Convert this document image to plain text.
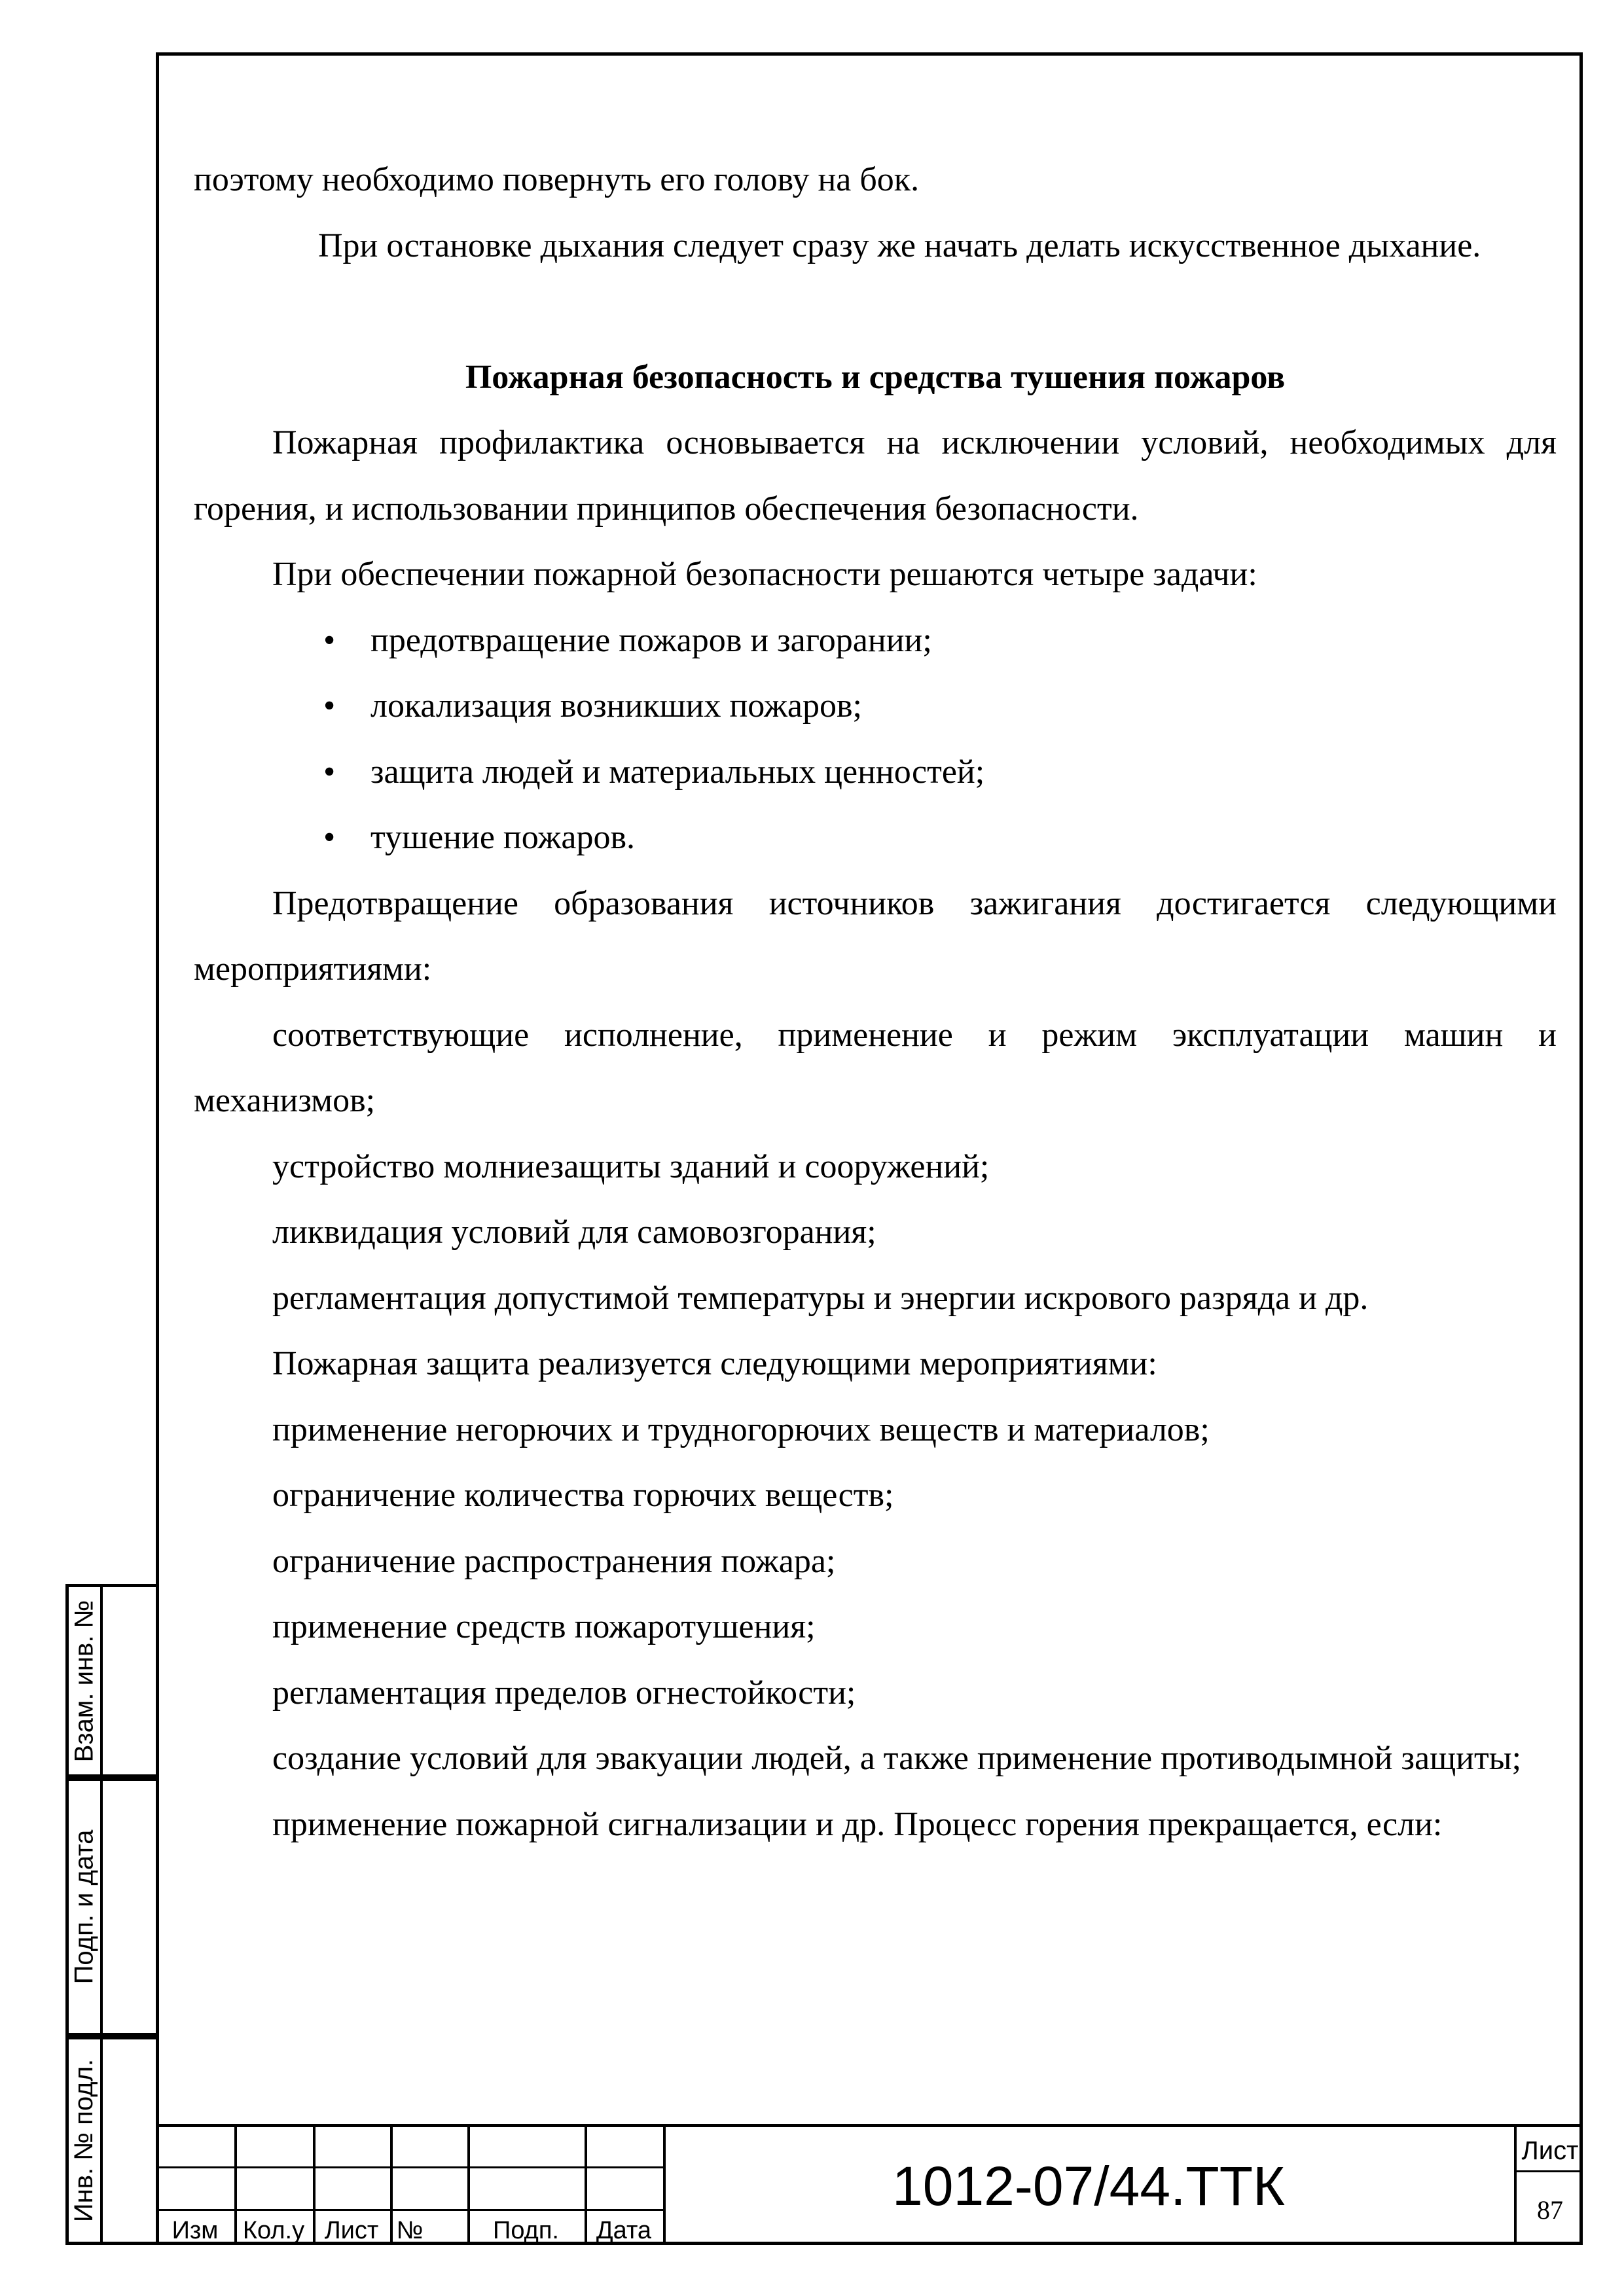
поэтому необходимо повернуть его голову на бок.

При остановке дыхания следует сразу же начать делать искусственное дыхание.

Пожарная безопасность и средства тушения пожаров

Пожарная профилактика основывается на исключении условий, необходимых для горения, и использовании принципов обеспечения безопасности.

При обеспечении пожарной безопасности решаются четыре задачи:

• предотвращение пожаров и загорании;
• локализация возникших пожаров;
• защита людей и материальных ценностей;
• тушение пожаров.

Предотвращение образования источников зажигания достигается следующими мероприятиями:

соответствующие исполнение, применение и режим эксплуатации машин и механизмов;

устройство молниезащиты зданий и сооружений;

ликвидация условий для самовозгорания;

регламентация допустимой температуры и энергии искрового разряда и др.

Пожарная защита реализуется следующими мероприятиями:

применение негорючих и трудногорючих веществ и материалов;

ограничение количества горючих веществ;

ограничение распространения пожара;

применение средств пожаротушения;

регламентация пределов огнестойкости;

создание условий для эвакуации людей, а также применение противодымной защиты;

применение пожарной сигнализации и др. Процесс горения прекращается, если:

Взам. инв. №
Подп. и дата
Инв. № подл.
Изм Кол.у Лист №	Подп.	Дата
1012-07/44.ТТК
Лист
87
